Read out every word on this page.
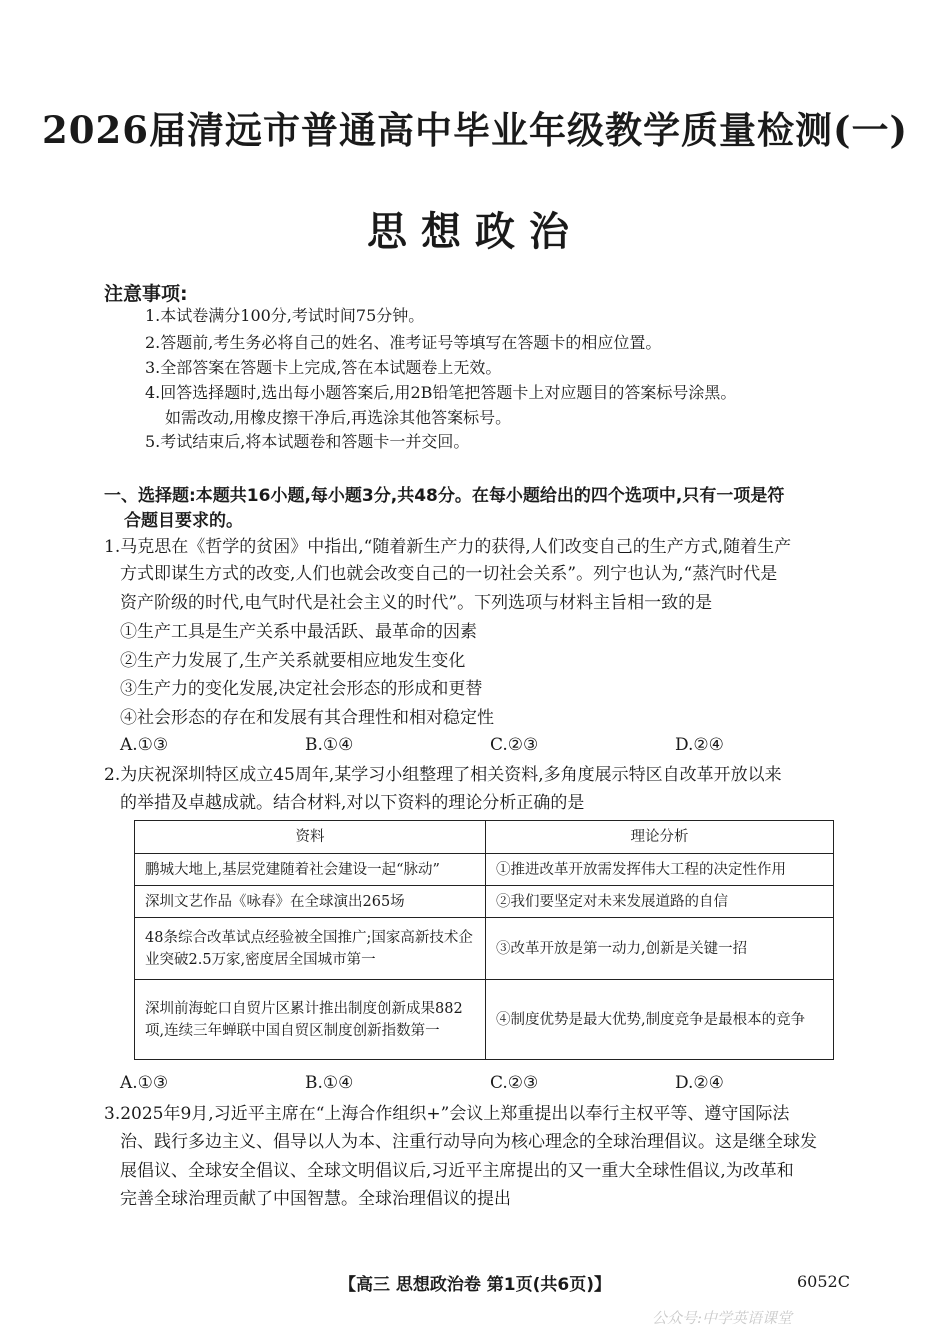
2026届清远市普通高中毕业年级教学质量检测(一)
思想政治
注意事项:
1.本试卷满分100分,考试时间75分钟。
2.答题前,考生务必将自己的姓名、准考证号等填写在答题卡的相应位置。
3.全部答案在答题卡上完成,答在本试题卷上无效。
4.回答选择题时,选出每小题答案后,用2B铅笔把答题卡上对应题目的答案标号涂黑。
如需改动,用橡皮擦干净后,再选涂其他答案标号。
5.考试结束后,将本试题卷和答题卡一并交回。
一、选择题:本题共16小题,每小题3分,共48分。在每小题给出的四个选项中,只有一项是符
合题目要求的。
1.马克思在《哲学的贫困》中指出,“随着新生产力的获得,人们改变自己的生产方式,随着生产
方式即谋生方式的改变,人们也就会改变自己的一切社会关系”。列宁也认为,“蒸汽时代是
资产阶级的时代,电气时代是社会主义的时代”。下列选项与材料主旨相一致的是
①生产工具是生产关系中最活跃、最革命的因素
②生产力发展了,生产关系就要相应地发生变化
③生产力的变化发展,决定社会形态的形成和更替
④社会形态的存在和发展有其合理性和相对稳定性
A.①③	B.①④	C.②③	D.②④
2.为庆祝深圳特区成立45周年,某学习小组整理了相关资料,多角度展示特区自改革开放以来
的举措及卓越成就。结合材料,对以下资料的理论分析正确的是
资料	理论分析
鹏城大地上,基层党建随着社会建设一起“脉动”	①推进改革开放需发挥伟大工程的决定性作用
深圳文艺作品《咏春》在全球演出265场	②我们要坚定对未来发展道路的自信
48条综合改革试点经验被全国推广;国家高新技术企业突破2.5万家,密度居全国城市第一	③改革开放是第一动力,创新是关键一招
深圳前海蛇口自贸片区累计推出制度创新成果882项,连续三年蝉联中国自贸区制度创新指数第一	④制度优势是最大优势,制度竞争是最根本的竞争
A.①③	B.①④	C.②③	D.②④
3.2025年9月,习近平主席在“上海合作组织+”会议上郑重提出以奉行主权平等、遵守国际法
治、践行多边主义、倡导以人为本、注重行动导向为核心理念的全球治理倡议。这是继全球发
展倡议、全球安全倡议、全球文明倡议后,习近平主席提出的又一重大全球性倡议,为改革和
完善全球治理贡献了中国智慧。全球治理倡议的提出
【高三 思想政治卷 第1页(共6页)】	6052C
公众号:中学英语课堂
